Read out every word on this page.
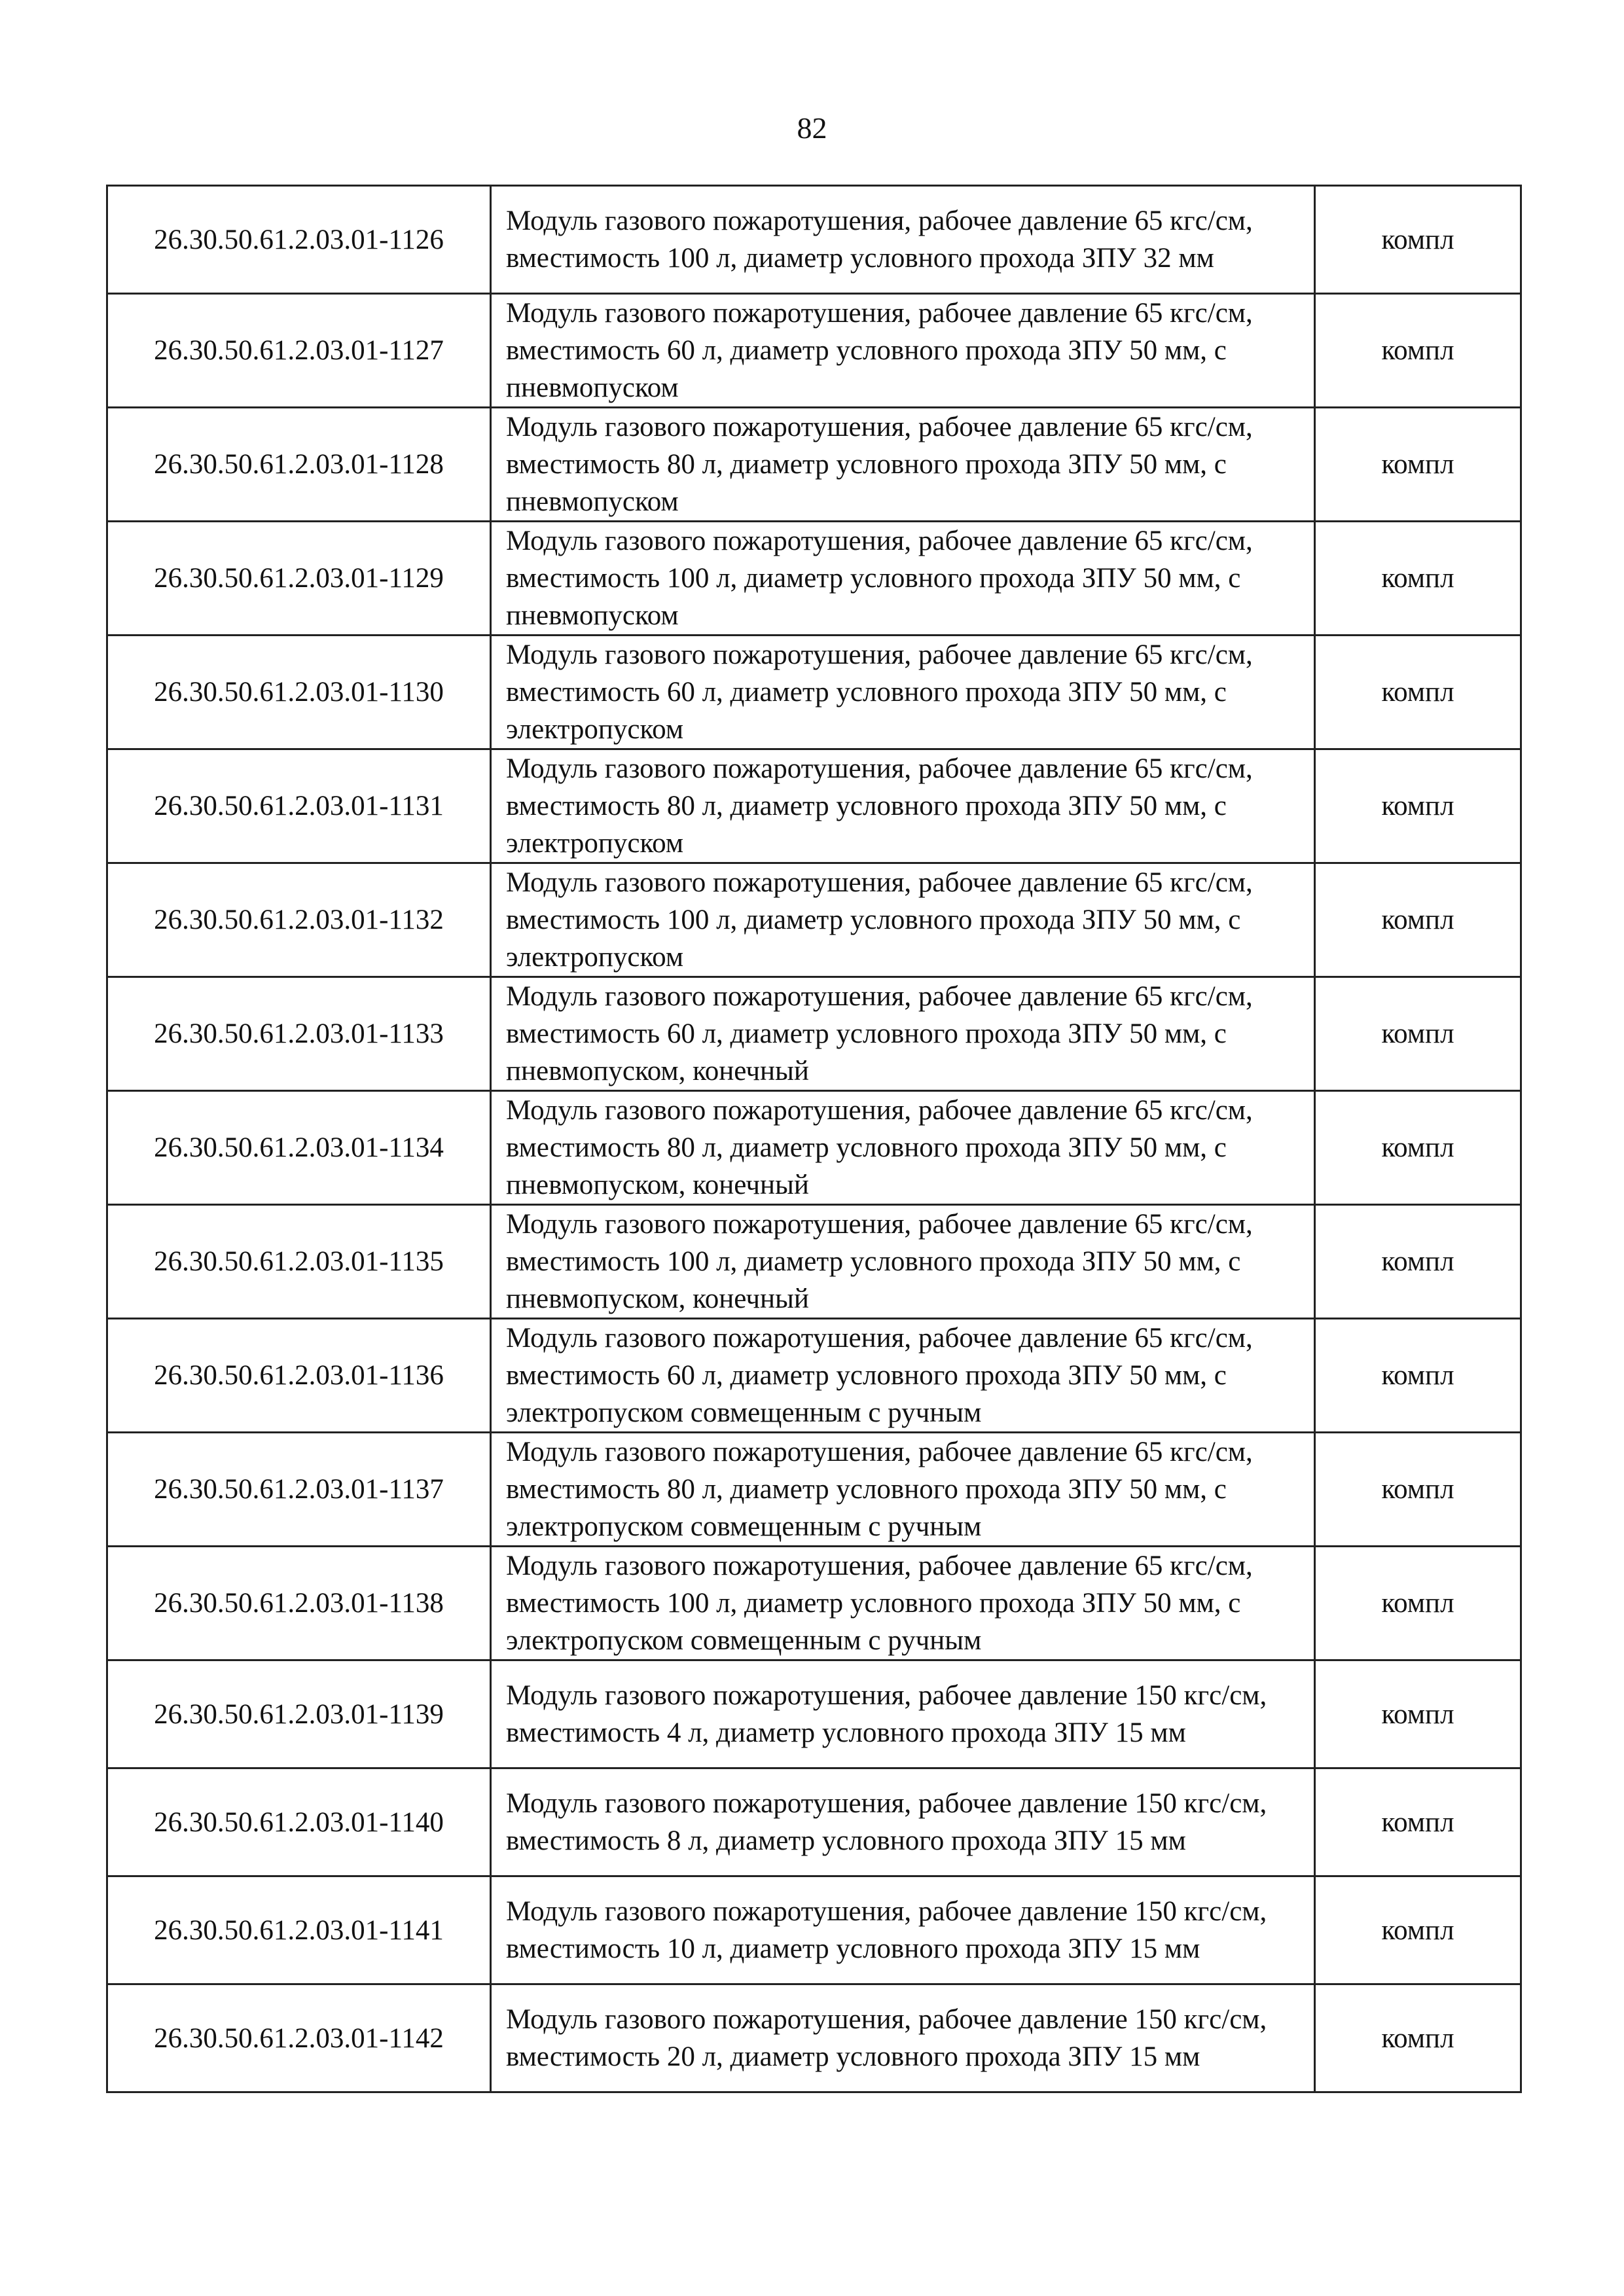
82
26.30.50.61.2.03.01-1126	Модуль газового пожаротушения, рабочее давление 65 кгс/см, вместимость 100 л, диаметр условного прохода ЗПУ 32 мм	компл
26.30.50.61.2.03.01-1127	Модуль газового пожаротушения, рабочее давление 65 кгс/см, вместимость 60 л, диаметр условного прохода ЗПУ 50 мм, с пневмопуском	компл
26.30.50.61.2.03.01-1128	Модуль газового пожаротушения, рабочее давление 65 кгс/см, вместимость 80 л, диаметр условного прохода ЗПУ 50 мм, с пневмопуском	компл
26.30.50.61.2.03.01-1129	Модуль газового пожаротушения, рабочее давление 65 кгс/см, вместимость 100 л, диаметр условного прохода ЗПУ 50 мм, с пневмопуском	компл
26.30.50.61.2.03.01-1130	Модуль газового пожаротушения, рабочее давление 65 кгс/см, вместимость 60 л, диаметр условного прохода ЗПУ 50 мм, с электропуском	компл
26.30.50.61.2.03.01-1131	Модуль газового пожаротушения, рабочее давление 65 кгс/см, вместимость 80 л, диаметр условного прохода ЗПУ 50 мм, с электропуском	компл
26.30.50.61.2.03.01-1132	Модуль газового пожаротушения, рабочее давление 65 кгс/см, вместимость 100 л, диаметр условного прохода ЗПУ 50 мм, с электропуском	компл
26.30.50.61.2.03.01-1133	Модуль газового пожаротушения, рабочее давление 65 кгс/см, вместимость 60 л, диаметр условного прохода ЗПУ 50 мм, с пневмопуском, конечный	компл
26.30.50.61.2.03.01-1134	Модуль газового пожаротушения, рабочее давление 65 кгс/см, вместимость 80 л, диаметр условного прохода ЗПУ 50 мм, с пневмопуском, конечный	компл
26.30.50.61.2.03.01-1135	Модуль газового пожаротушения, рабочее давление 65 кгс/см, вместимость 100 л, диаметр условного прохода ЗПУ 50 мм, с пневмопуском, конечный	компл
26.30.50.61.2.03.01-1136	Модуль газового пожаротушения, рабочее давление 65 кгс/см, вместимость 60 л, диаметр условного прохода ЗПУ 50 мм, с электропуском совмещенным с ручным	компл
26.30.50.61.2.03.01-1137	Модуль газового пожаротушения, рабочее давление 65 кгс/см, вместимость 80 л, диаметр условного прохода ЗПУ 50 мм, с электропуском совмещенным с ручным	компл
26.30.50.61.2.03.01-1138	Модуль газового пожаротушения, рабочее давление 65 кгс/см, вместимость 100 л, диаметр условного прохода ЗПУ 50 мм, с электропуском совмещенным с ручным	компл
26.30.50.61.2.03.01-1139	Модуль газового пожаротушения, рабочее давление 150 кгс/см, вместимость 4 л, диаметр условного прохода ЗПУ 15 мм	компл
26.30.50.61.2.03.01-1140	Модуль газового пожаротушения, рабочее давление 150 кгс/см, вместимость 8 л, диаметр условного прохода ЗПУ 15 мм	компл
26.30.50.61.2.03.01-1141	Модуль газового пожаротушения, рабочее давление 150 кгс/см, вместимость 10 л, диаметр условного прохода ЗПУ 15 мм	компл
26.30.50.61.2.03.01-1142	Модуль газового пожаротушения, рабочее давление 150 кгс/см, вместимость 20 л, диаметр условного прохода ЗПУ 15 мм	компл
